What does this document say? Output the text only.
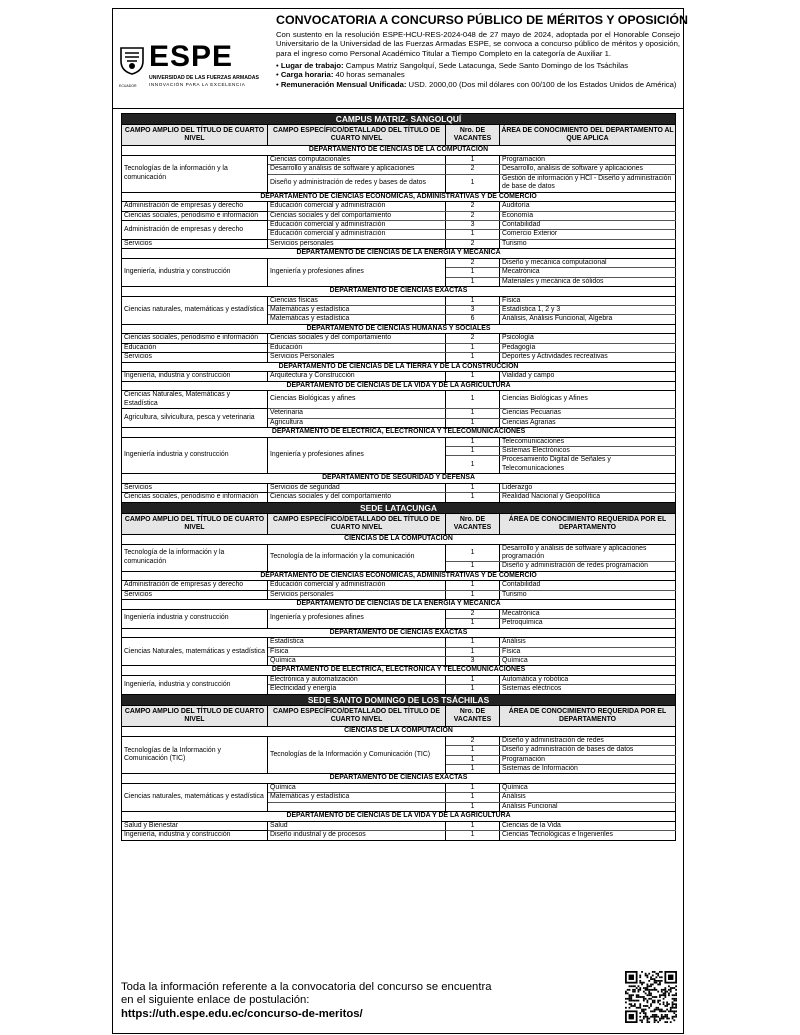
ESPE
UNIVERSIDAD DE LAS FUERZAS ARMADAS
INNOVACIÓN PARA LA EXCELENCIA
ECUADOR
CONVOCATORIA A CONCURSO PÚBLICO DE MÉRITOS Y OPOSICIÓN
Con sustento en la resolución ESPE-HCU-RES-2024-048 de 27 mayo de 2024, adoptada por el Honorable Consejo Universitario de la Universidad de las Fuerzas Armadas ESPE, se convoca a concurso público de méritos y oposición, para el ingreso como Personal Académico Titular a Tiempo Completo en la categoría de Auxiliar 1.
• Lugar de trabajo: Campus Matriz Sangolquí, Sede Latacunga, Sede Santo Domingo de los Tsáchilas
• Carga horaria: 40 horas semanales
• Remuneración Mensual Unificada: USD. 2000,00 (Dos mil dólares con 00/100 de los Estados Unidos de América)
CAMPUS MATRIZ- SANGOLQUÍ			
CAMPO AMPLIO DEL TÍTULO DE CUARTO NIVEL	CAMPO ESPECÍFICO/DETALLADO DEL TÍTULO DE CUARTO NIVEL	Nro. DE VACANTES	ÁREA DE CONOCIMIENTO DEL DEPARTAMENTO AL QUE APLICA
DEPARTAMENTO DE CIENCIAS DE LA COMPUTACIÓN			
Tecnologías de la información y la comunicación	Ciencias computacionales	1	Programación
	Desarrollo y análisis de software y aplicaciones	2	Desarrollo, análisis de software y aplicaciones
	Diseño y administración de redes y bases de datos	1	Gestión de información y HCI - Diseño y administración de base de datos
DEPARTAMENTO DE CIENCIAS ECONÓMICAS, ADMINISTRATIVAS Y DE COMERCIO			
Administración de empresas y derecho	Educación comercial y administración	2	Auditoría
Ciencias sociales, periodismo e información	Ciencias sociales y del comportamiento	2	Economía
Administración de empresas y derecho	Educación comercial y administración	3	Contabilidad
	Educación comercial y administración	1	Comercio Exterior
Servicios	Servicios personales	2	Turismo
DEPARTAMENTO DE CIENCIAS DE LA ENERGÍA Y MECÁNICA			
Ingeniería, industria y construcción	Ingeniería y profesiones afines	2	Diseño y mecánica computacional
		1	Mecatrónica
		1	Materiales y mecánica de sólidos
DEPARTAMENTO DE CIENCIAS EXACTAS			
Ciencias naturales, matemáticas y estadística	Ciencias físicas	1	Física
	Matemáticas y estadística	3	Estadística 1, 2 y 3
	Matemáticas y estadística	6	Análisis, Análisis Funcional, Álgebra
DEPARTAMENTO DE CIENCIAS HUMANAS Y SOCIALES			
Ciencias sociales, periodismo e información	Ciencias sociales y del comportamiento	2	Psicología
Educación	Educación	1	Pedagogía
Servicios	Servicios Personales	1	Deportes y Actividades recreativas
DEPARTAMENTO DE CIENCIAS DE LA TIERRA Y DE LA CONSTRUCCIÓN			
Ingeniería, industria y construcción	Arquitectura y Construcción	1	Vialidad y campo
DEPARTAMENTO DE CIENCIAS DE LA VIDA Y DE LA AGRICULTURA			
Ciencias Naturales, Matemáticas y Estadística	Ciencias Biológicas y afines	1	Ciencias Biológicas y Afines
Agricultura, silvicultura, pesca y veterinaria	Veterinaria	1	Ciencias Pecuarias
	Agricultura	1	Ciencias Agrarias
DEPARTAMENTO DE ELÉCTRICA, ELECTRÓNICA Y TELECOMUNICACIONES			
Ingeniería industria y construcción	Ingeniería y profesiones afines	1	Telecomunicaciones
		1	Sistemas Electrónicos
		1	Procesamiento Digital de Señales y Telecomunicaciones
DEPARTAMENTO DE SEGURIDAD Y DEFENSA			
Servicios	Servicios de seguridad	1	Liderazgo
Ciencias sociales, periodismo e información	Ciencias sociales y del comportamiento	1	Realidad Nacional y Geopolítica
SEDE LATACUNGA			
CAMPO AMPLIO DEL TÍTULO DE CUARTO NIVEL	CAMPO ESPECÍFICO/DETALLADO DEL TÍTULO DE CUARTO NIVEL	Nro. DE VACANTES	ÁREA DE CONOCIMIENTO REQUERIDA POR EL DEPARTAMENTO
CIENCIAS DE LA COMPUTACIÓN			
Tecnología de la información y la comunicación	Tecnología de la información y la comunicación	1	Desarrollo y análisis de software y aplicaciones programación
		1	Diseño y administración de redes programación
DEPARTAMENTO DE CIENCIAS ECONÓMICAS, ADMINISTRATIVAS Y DE COMERCIO			
Administración de empresas y derecho	Educación comercial y administración	1	Contabilidad
Servicios	Servicios personales	1	Turismo
DEPARTAMENTO DE CIENCIAS DE LA ENERGÍA Y MECÁNICA			
Ingeniería industria y construcción	Ingeniería y profesiones afines	2	Mecatrónica
		1	Petroquímica
DEPARTAMENTO DE CIENCIAS EXACTAS			
Ciencias Naturales, matemáticas y estadística	Estadística	1	Análisis
	Física	1	Física
	Química	3	Química
DEPARTAMENTO DE ELÉCTRICA, ELECTRÓNICA Y TELECOMUNICACIONES			
Ingeniería, industria y construcción	Electrónica y automatización	1	Automática y robótica
	Electricidad y energía	1	Sistemas eléctricos
SEDE SANTO DOMINGO DE LOS TSÁCHILAS			
CAMPO AMPLIO DEL TÍTULO DE CUARTO NIVEL	CAMPO ESPECÍFICO/DETALLADO DEL TÍTULO DE CUARTO NIVEL	Nro. DE VACANTES	ÁREA DE CONOCIMIENTO REQUERIDA POR EL DEPARTAMENTO
CIENCIAS DE LA COMPUTACIÓN			
Tecnologías de la Información y Comunicación (TIC)	Tecnologías de la Información y Comunicación (TIC)	2	Diseño y administración de redes
		1	Diseño y administración de bases de datos
		1	Programación
		1	Sistemas de Información
DEPARTAMENTO DE CIENCIAS EXACTAS			
Ciencias naturales, matemáticas y estadística	Química	1	Química
	Matemáticas y estadística	1	Análisis
		1	Análisis Funcional
DEPARTAMENTO DE CIENCIAS DE LA VIDA Y DE LA AGRICULTURA			
Salud y Bienestar	Salud	1	Ciencias de la Vida
Ingeniería, industria y construcción	Diseño industrial y de procesos	1	Ciencias Tecnológicas e Ingenieriles
Toda la información referente a la convocatoria del concurso se encuentra
en el siguiente enlace de postulación:
https://uth.espe.edu.ec/concurso-de-meritos/
